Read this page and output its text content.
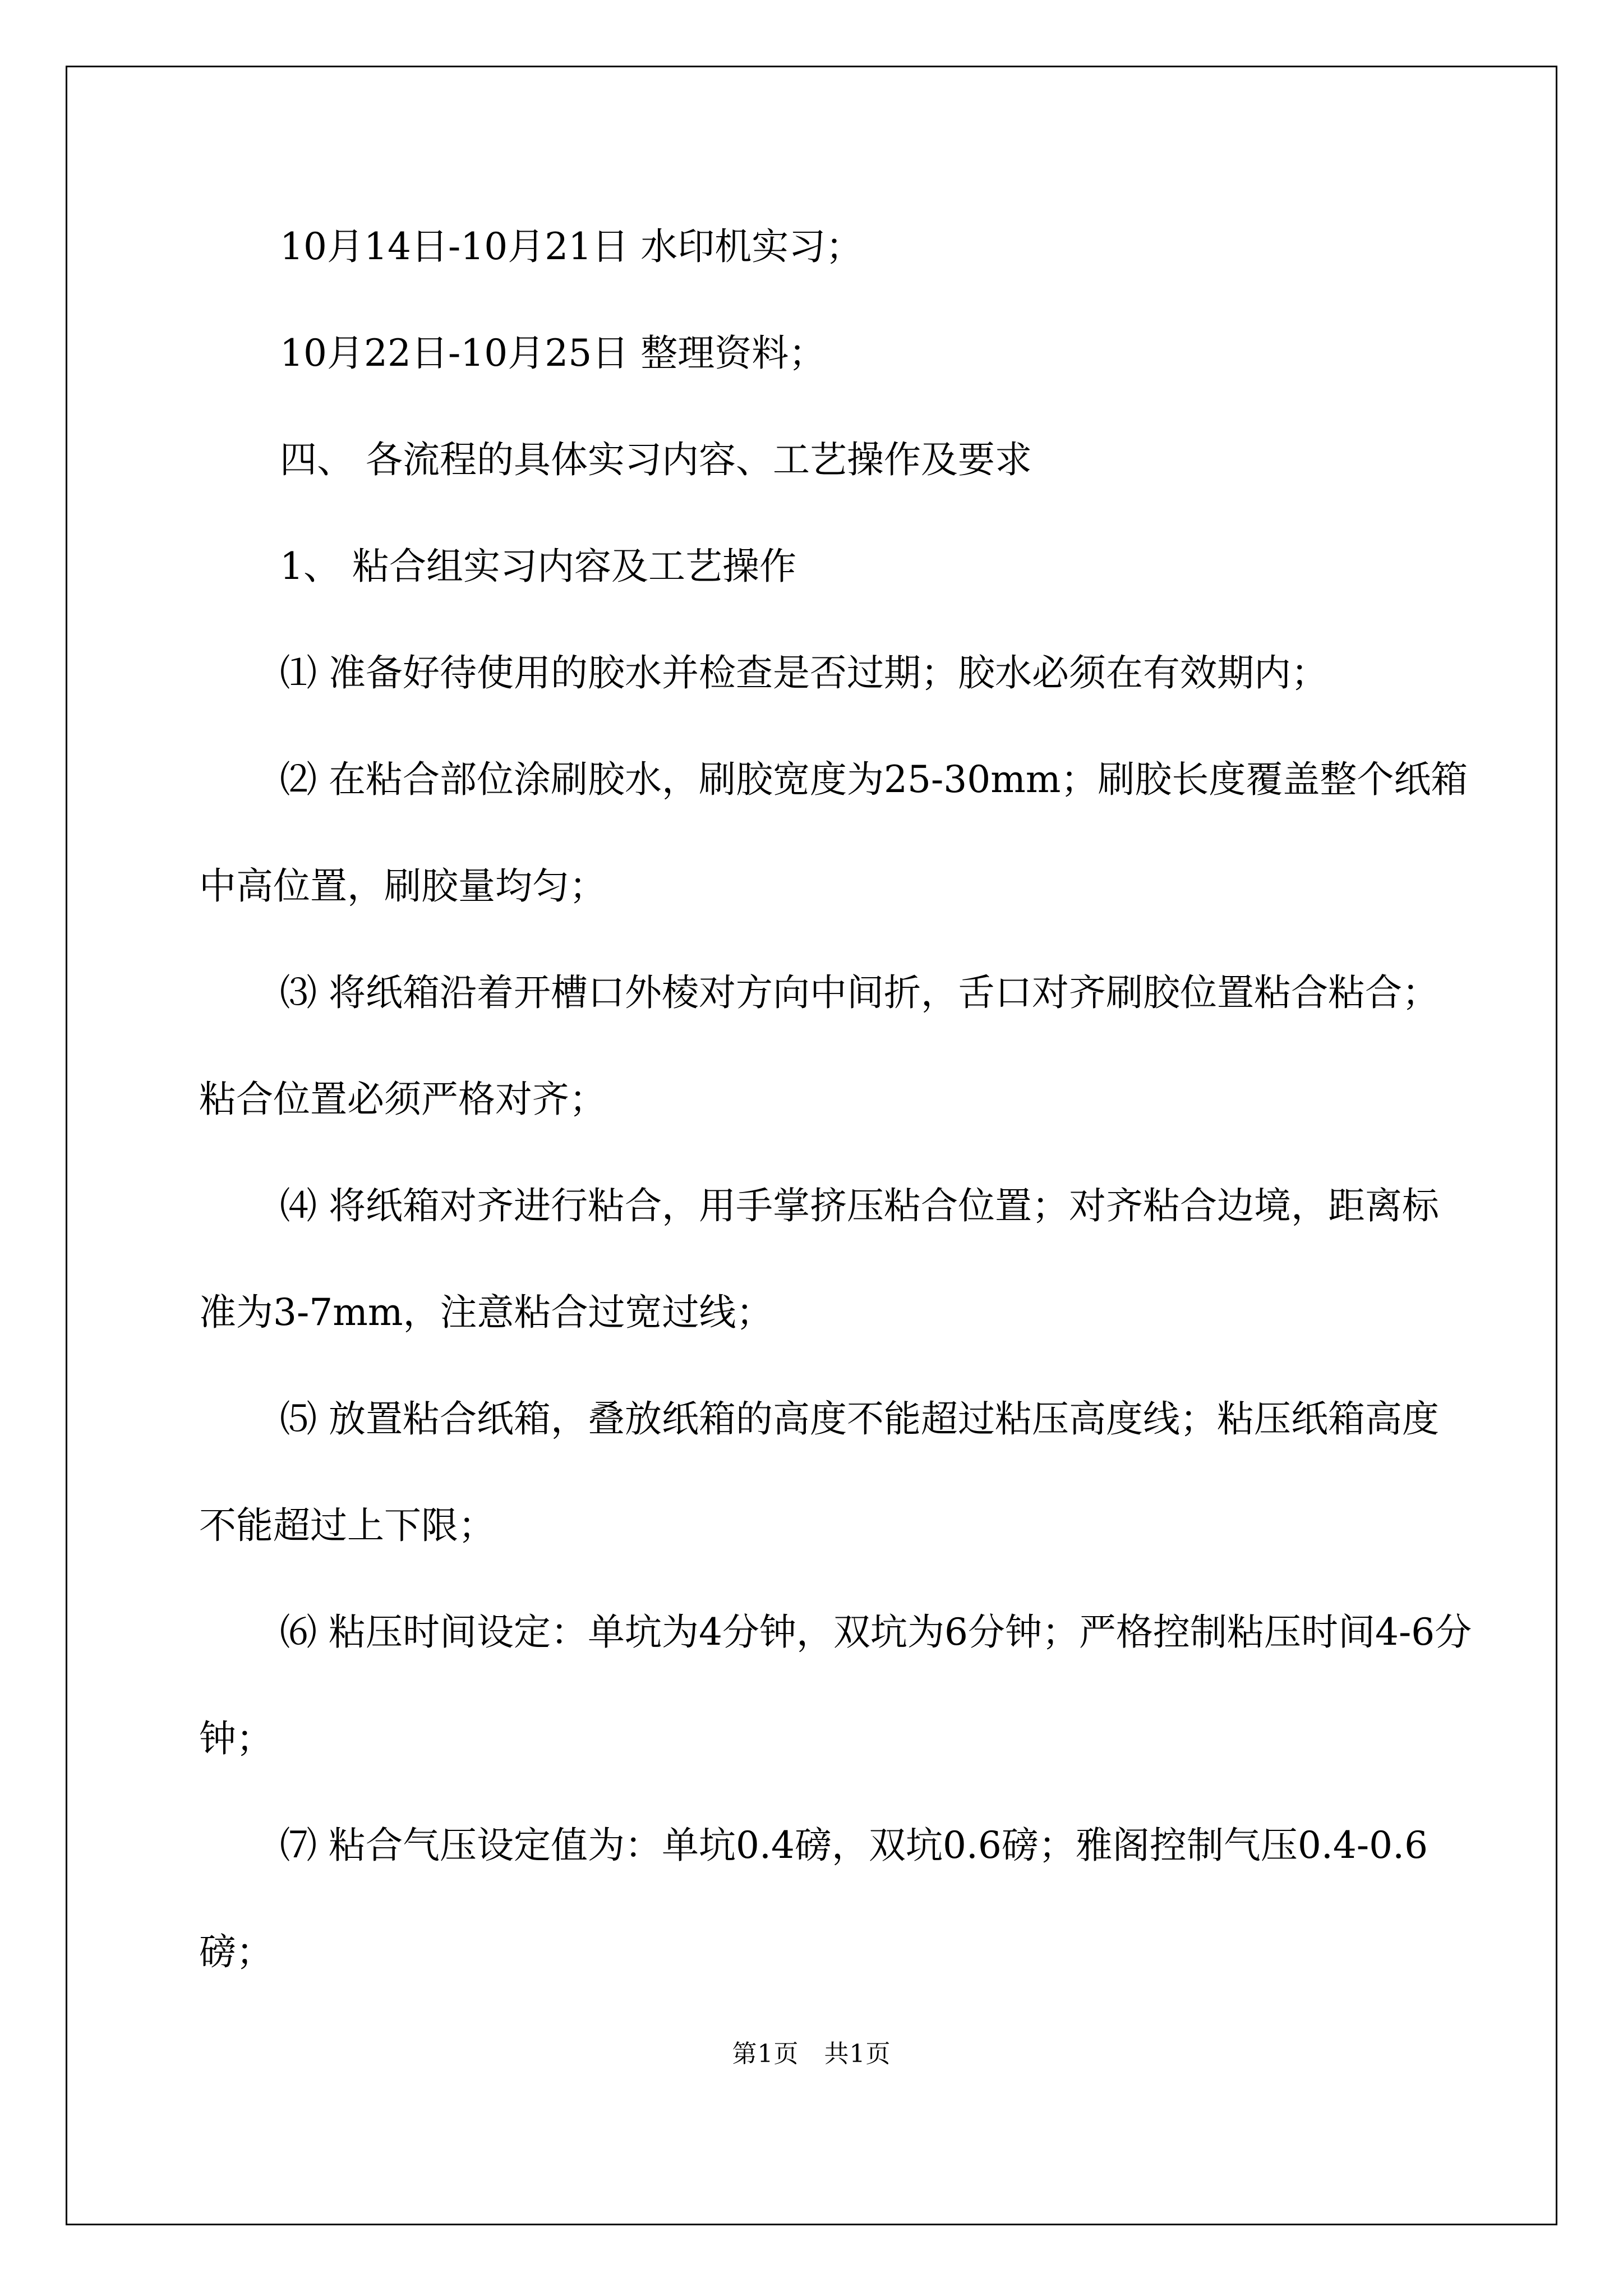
10月14日-10月21日 水印机实习；

10月22日-10月25日 整理资料；

四、 各流程的具体实习内容、工艺操作及要求

1、 粘合组实习内容及工艺操作

⑴ 准备好待使用的胶水并检查是否过期；胶水必须在有效期内；

⑵ 在粘合部位涂刷胶水，刷胶宽度为25-30mm；刷胶长度覆盖整个纸箱中高位置，刷胶量均匀；

⑶ 将纸箱沿着开槽口外棱对方向中间折，舌口对齐刷胶位置粘合粘合；粘合位置必须严格对齐；

⑷ 将纸箱对齐进行粘合，用手掌挤压粘合位置；对齐粘合边境，距离标准为3-7mm，注意粘合过宽过线；

⑸ 放置粘合纸箱，叠放纸箱的高度不能超过粘压高度线；粘压纸箱高度不能超过上下限；

⑹ 粘压时间设定：单坑为4分钟，双坑为6分钟；严格控制粘压时间4-6分钟；

⑺ 粘合气压设定值为：单坑0.4磅，双坑0.6磅；雅阁控制气压0.4-0.6磅；

第1页　共1页
